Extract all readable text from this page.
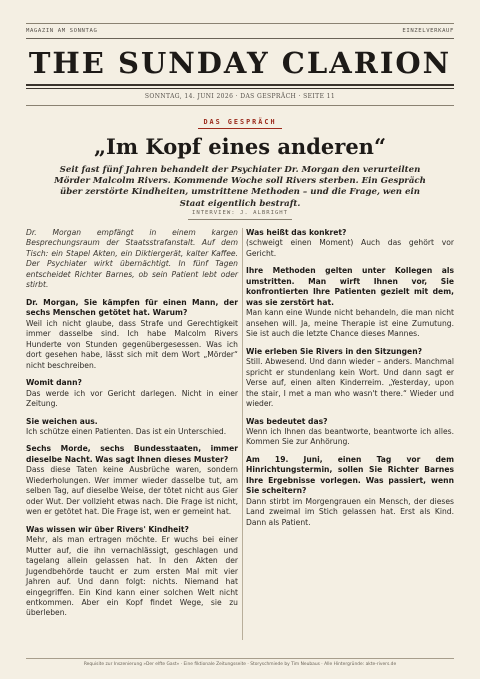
MAGAZIN AM SONNTAG	EINZELVERKAUF
THE SUNDAY CLARION
SONNTAG, 14. JUNI 2026 · DAS GESPRÄCH · SEITE 11
DAS GESPRÄCH
„Im Kopf eines anderen“
Seit fast fünf Jahren behandelt der Psychiater Dr. Morgan den verurteilten Mörder Malcolm Rivers. Kommende Woche soll Rivers sterben. Ein Gespräch über zerstörte Kindheiten, umstrittene Methoden – und die Frage, wen ein Staat eigentlich bestraft.
INTERVIEW: J. ALBRIGHT

Dr. Morgan empfängt in einem kargen Besprechungsraum der Staatsstrafanstalt. Auf dem Tisch: ein Stapel Akten, ein Diktiergerät, kalter Kaffee. Der Psychiater wirkt übernächtigt. In fünf Tagen entscheidet Richter Barnes, ob sein Patient lebt oder stirbt.

Dr. Morgan, Sie kämpfen für einen Mann, der sechs Menschen getötet hat. Warum?

Weil ich nicht glaube, dass Strafe und Gerechtigkeit immer dasselbe sind. Ich habe Malcolm Rivers Hunderte von Stunden gegenübergesessen. Was ich dort gesehen habe, lässt sich mit dem Wort „Mörder“ nicht beschreiben.

Womit dann?

Das werde ich vor Gericht darlegen. Nicht in einer Zeitung.

Sie weichen aus.

Ich schütze einen Patienten. Das ist ein Unterschied.

Sechs Morde, sechs Bundesstaaten, immer dieselbe Nacht. Was sagt Ihnen dieses Muster?

Dass diese Taten keine Ausbrüche waren, sondern Wiederholungen. Wer immer wieder dasselbe tut, am selben Tag, auf dieselbe Weise, der tötet nicht aus Gier oder Wut. Der vollzieht etwas nach. Die Frage ist nicht, wen er getötet hat. Die Frage ist, wen er gemeint hat.

Was wissen wir über Rivers' Kindheit?

Mehr, als man ertragen möchte. Er wuchs bei einer Mutter auf, die ihn vernachlässigt, geschlagen und tagelang allein gelassen hat. In den Akten der Jugendbehörde taucht er zum ersten Mal mit vier Jahren auf. Und dann folgt: nichts. Niemand hat eingegriffen. Ein Kind kann einer solchen Welt nicht entkommen. Aber ein Kopf findet Wege, sie zu überleben.

Was heißt das konkret?

(schweigt einen Moment) Auch das gehört vor Gericht.

Ihre Methoden gelten unter Kollegen als umstritten. Man wirft Ihnen vor, Sie konfrontierten Ihre Patienten gezielt mit dem, was sie zerstört hat.

Man kann eine Wunde nicht behandeln, die man nicht ansehen will. Ja, meine Therapie ist eine Zumutung. Sie ist auch die letzte Chance dieses Mannes.

Wie erleben Sie Rivers in den Sitzungen?

Still. Abwesend. Und dann wieder – anders. Manchmal spricht er stundenlang kein Wort. Und dann sagt er Verse auf, einen alten Kinderreim. „Yesterday, upon the stair, I met a man who wasn't there.“ Wieder und wieder.

Was bedeutet das?

Wenn ich Ihnen das beantworte, beantworte ich alles. Kommen Sie zur Anhörung.

Am 19. Juni, einen Tag vor dem Hinrichtungstermin, sollen Sie Richter Barnes Ihre Ergebnisse vorlegen. Was passiert, wenn Sie scheitern?

Dann stirbt im Morgengrauen ein Mensch, der dieses Land zweimal im Stich gelassen hat. Erst als Kind. Dann als Patient.

Requisite zur Inszenierung »Der elfte Gast« · Eine fiktionale Zeitungsseite · Storyschmiede by Tim Neubaus · Alle Hintergründe: akte-rivers.de
